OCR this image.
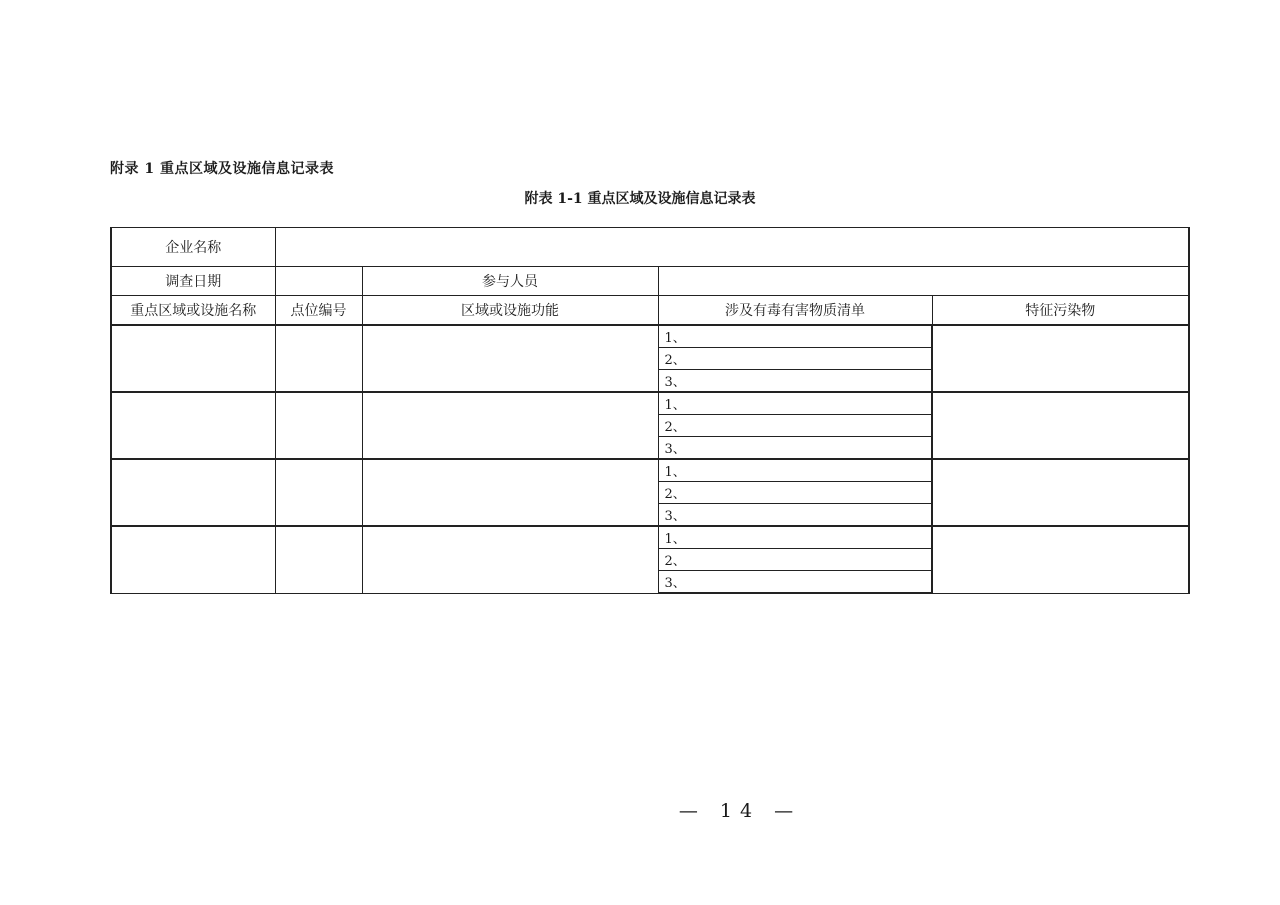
附录 1 重点区域及设施信息记录表
附表 1-1 重点区域及设施信息记录表
企业名称				
调查日期		参与人员		
重点区域或设施名称	点位编号	区域或设施功能	涉及有毒有害物质清单	特征污染物
			1、	
			2、	
			3、	
			1、	
			2、	
			3、	
			1、	
			2、	
			3、	
			1、	
			2、	
			3、	
— 14 —
